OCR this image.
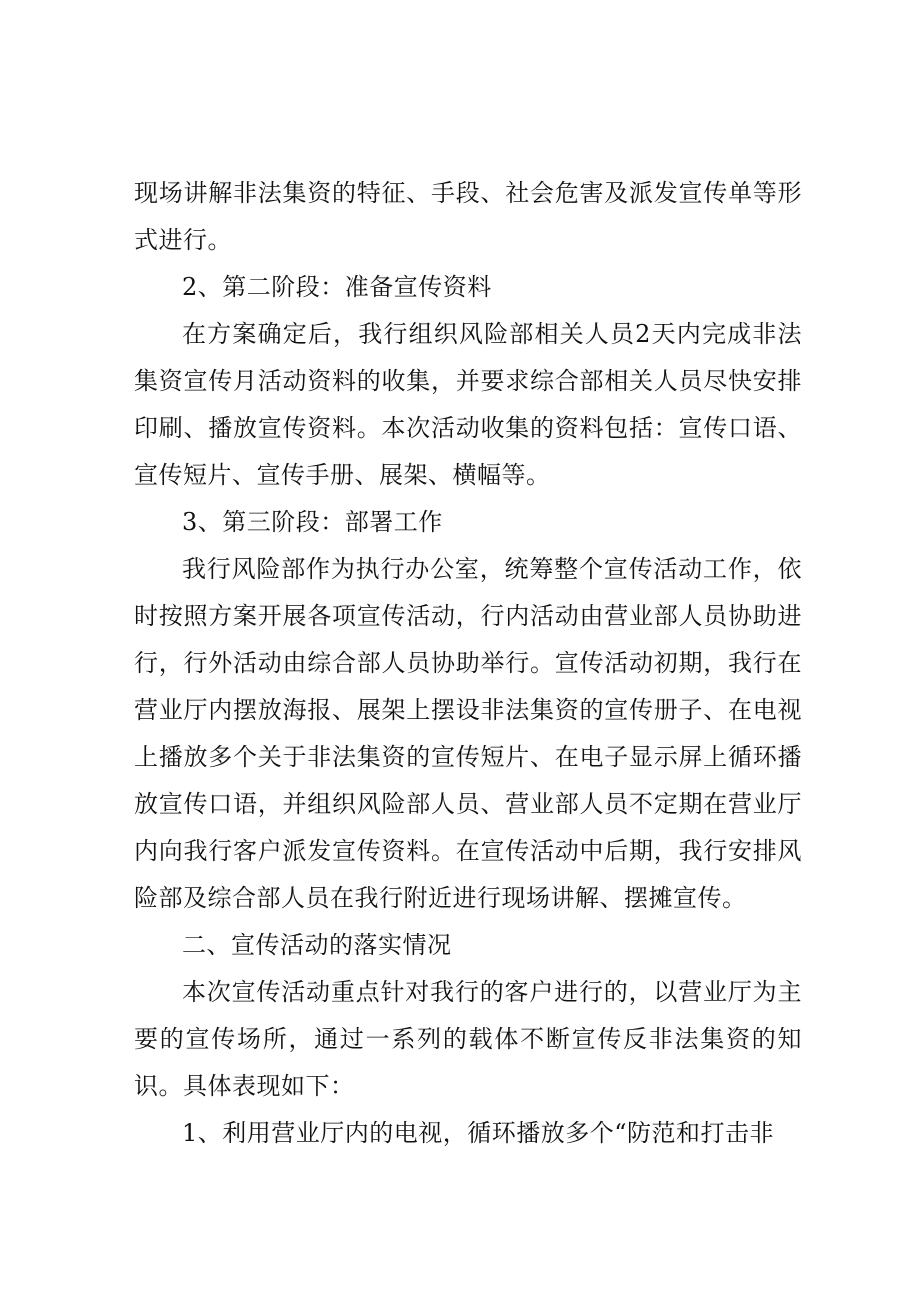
现场讲解非法集资的特征、手段、社会危害及派发宣传单等形式进行。

2、第二阶段：准备宣传资料

在方案确定后，我行组织风险部相关人员2天内完成非法集资宣传月活动资料的收集，并要求综合部相关人员尽快安排印刷、播放宣传资料。本次活动收集的资料包括：宣传口语、宣传短片、宣传手册、展架、横幅等。

3、第三阶段：部署工作

我行风险部作为执行办公室，统筹整个宣传活动工作，依时按照方案开展各项宣传活动，行内活动由营业部人员协助进行，行外活动由综合部人员协助举行。宣传活动初期，我行在营业厅内摆放海报、展架上摆设非法集资的宣传册子、在电视上播放多个关于非法集资的宣传短片、在电子显示屏上循环播放宣传口语，并组织风险部人员、营业部人员不定期在营业厅内向我行客户派发宣传资料。在宣传活动中后期，我行安排风险部及综合部人员在我行附近进行现场讲解、摆摊宣传。

二、宣传活动的落实情况

本次宣传活动重点针对我行的客户进行的，以营业厅为主要的宣传场所，通过一系列的载体不断宣传反非法集资的知识。具体表现如下：

1、利用营业厅内的电视，循环播放多个“防范和打击非
